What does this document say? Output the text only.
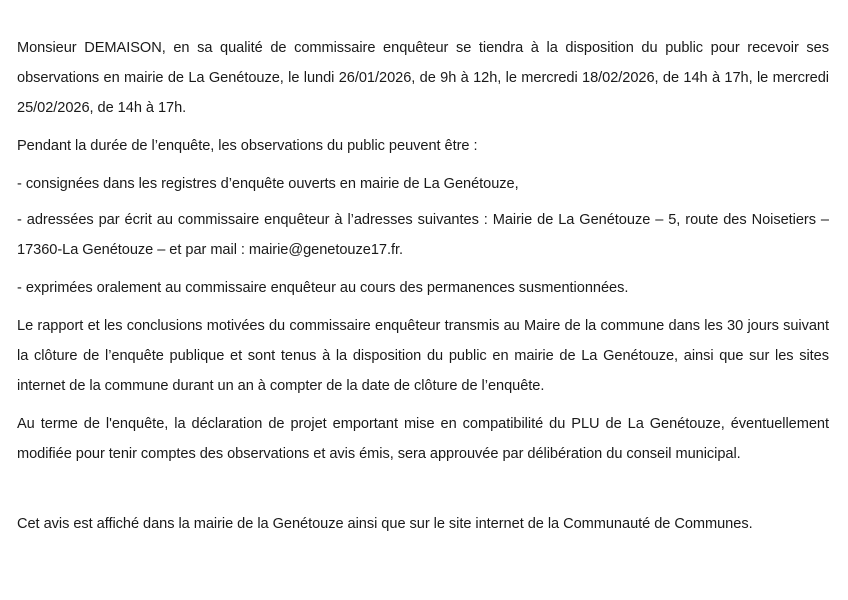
Monsieur DEMAISON, en sa qualité de commissaire enquêteur se tiendra à la disposition du public pour recevoir ses observations en mairie de La Genétouze, le lundi 26/01/2026, de 9h à 12h, le mercredi 18/02/2026, de 14h à 17h, le mercredi 25/02/2026, de 14h à 17h.

Pendant la durée de l’enquête, les observations du public peuvent être :

- consignées dans les registres d’enquête ouverts en mairie de La Genétouze,

- adressées par écrit au commissaire enquêteur à l’adresses suivantes : Mairie de La Genétouze – 5, route des Noisetiers –17360-La Genétouze – et par mail : mairie@genetouze17.fr.

- exprimées oralement au commissaire enquêteur au cours des permanences susmentionnées.

Le rapport et les conclusions motivées du commissaire enquêteur transmis au Maire de la commune dans les 30 jours suivant la clôture de l’enquête publique et sont tenus à la disposition du public en mairie de La Genétouze, ainsi que sur les sites internet de la commune durant un an à compter de la date de clôture de l’enquête.

Au terme de l'enquête, la déclaration de projet emportant mise en compatibilité du PLU de La Genétouze, éventuellement modifiée pour tenir comptes des observations et avis émis, sera approuvée par délibération du conseil municipal.

Cet avis est affiché dans la mairie de la Genétouze ainsi que sur le site internet de la Communauté de Communes.
